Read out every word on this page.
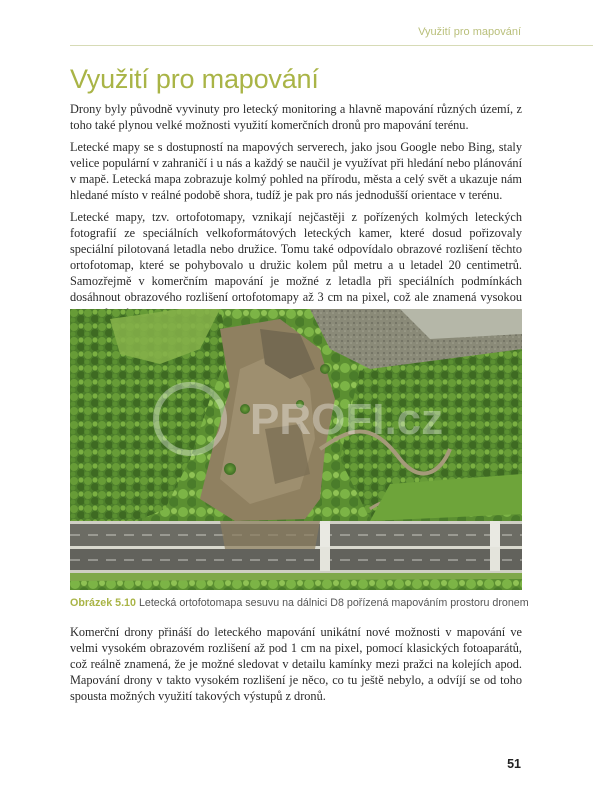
Využití pro mapování
Využití pro mapování

Drony byly původně vyvinuty pro letecký monitoring a hlavně mapování různých území, z toho také plynou velké možnosti využití komerčních dronů pro mapování terénu.

Letecké mapy se s dostupností na mapových serverech, jako jsou Google nebo Bing, staly velice populární v zahraničí i u nás a každý se naučil je využívat při hledání nebo plánování v mapě. Letecká mapa zobrazuje kolmý pohled na přírodu, města a celý svět a ukazuje nám hledané místo v reálné podobě shora, tudíž je pak pro nás jednodušší orientace v terénu.

Letecké mapy, tzv. ortofotomapy, vznikají nejčastěji z pořízených kolmých leteckých fotografií ze speciálních velkoformátových leteckých kamer, které dosud pořizovaly speciální pilotovaná letadla nebo družice. Tomu také odpovídalo obrazové rozlišení těchto ortofotomap, které se pohybovalo u družic kolem půl metru a u letadel 20 centimetrů. Samozřejmě v komerčním mapování je možné z letadla při speciálních podmínkách dosáhnout obrazového rozlišení ortofotomapy až 3 cm na pixel, což ale znamená vysokou

PROFI.cz
Obrázek 5.10 Letecká ortofotomapa sesuvu na dálnici D8 pořízená mapováním prostoru dronem

Komerční drony přináší do leteckého mapování unikátní nové možnosti v mapování ve velmi vysokém obrazovém rozlišení až pod 1 cm na pixel, pomocí klasických fotoaparátů, což reálně znamená, že je možné sledovat v detailu kamínky mezi pražci na kolejích apod. Mapování drony v takto vysokém rozlišení je něco, co tu ještě nebylo, a odvíjí se od toho spousta možných využití takových výstupů z dronů.

51
